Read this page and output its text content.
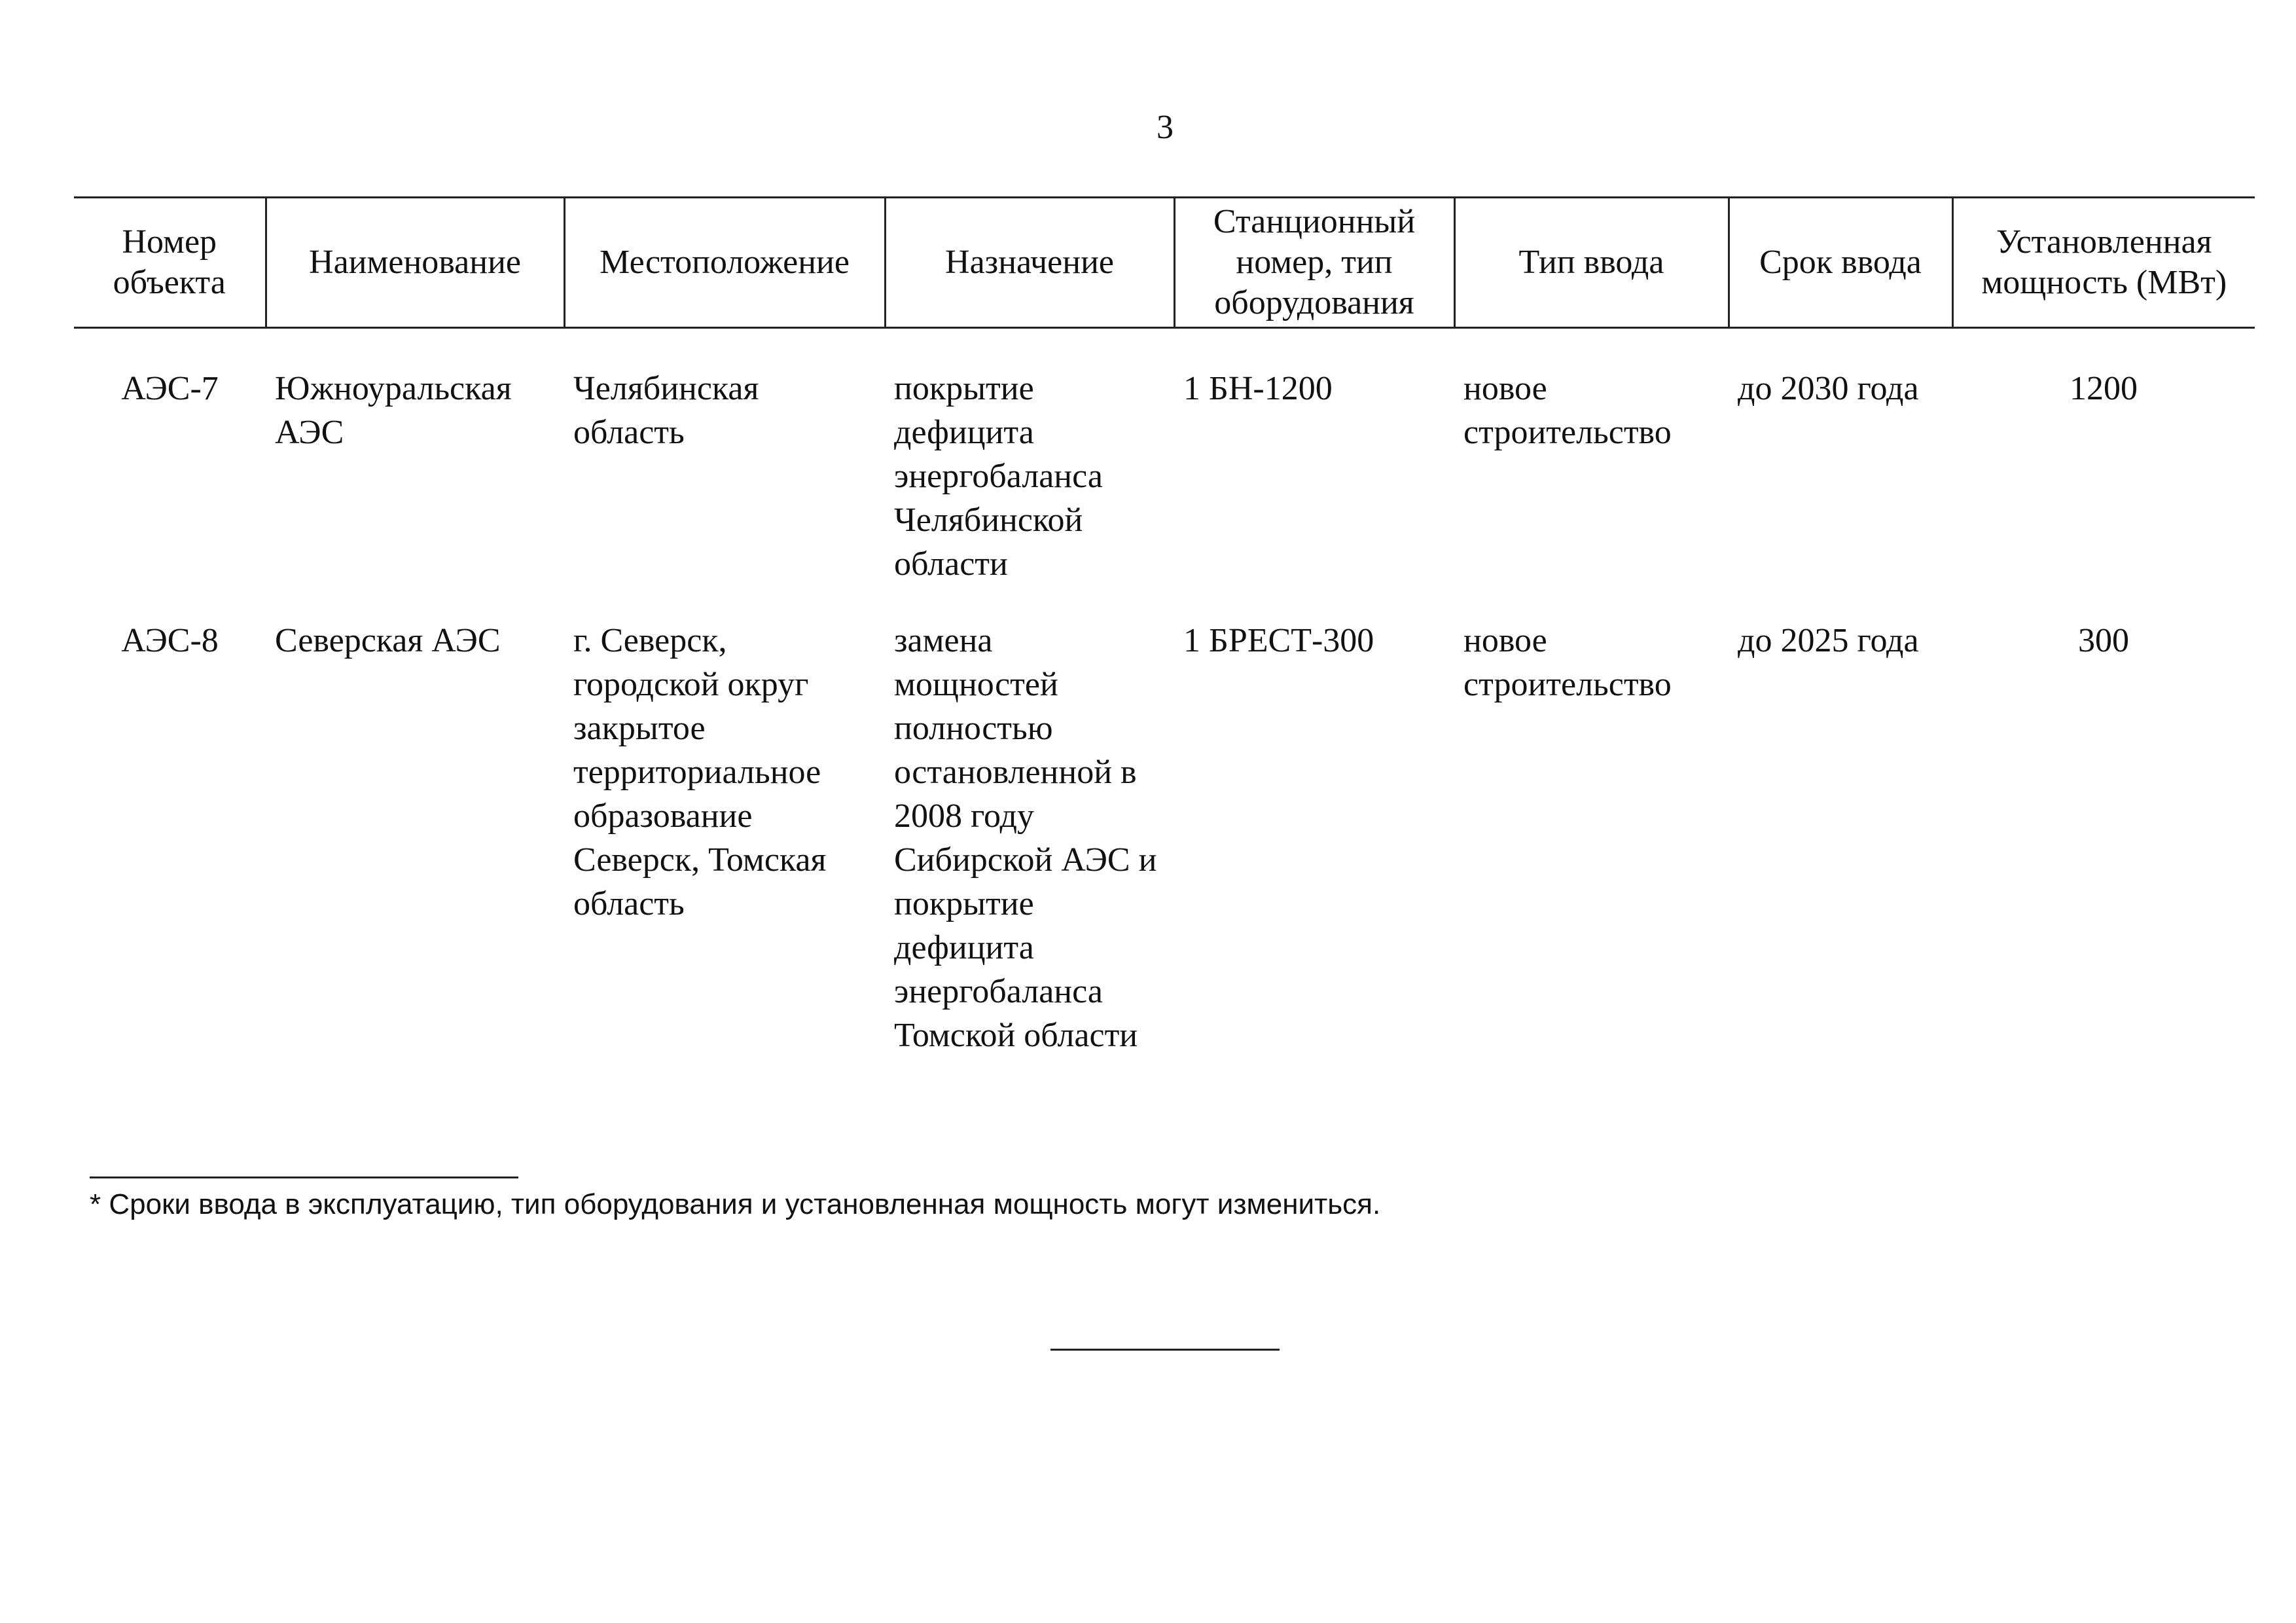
3
Номер объекта	Наименование	Местоположение	Назначение	Станционный номер, тип оборудования	Тип ввода	Срок ввода	Установленная мощность (МВт)

АЭС-7	Южноуральская АЭС	Челябинская область	покрытие дефицита энергобаланса Челябинской области	1 БН-1200	новое строительство	до 2030 года	1200
АЭС-8	Северская АЭС	г. Северск, городской округ закрытое территориальное образование Северск, Томская область	замена мощностей полностью остановленной в 2008 году Сибирской АЭС и покрытие дефицита энергобаланса Томской области	1 БРЕСТ-300	новое строительство	до 2025 года	300
* Сроки ввода в эксплуатацию, тип оборудования и установленная мощность могут измениться.
